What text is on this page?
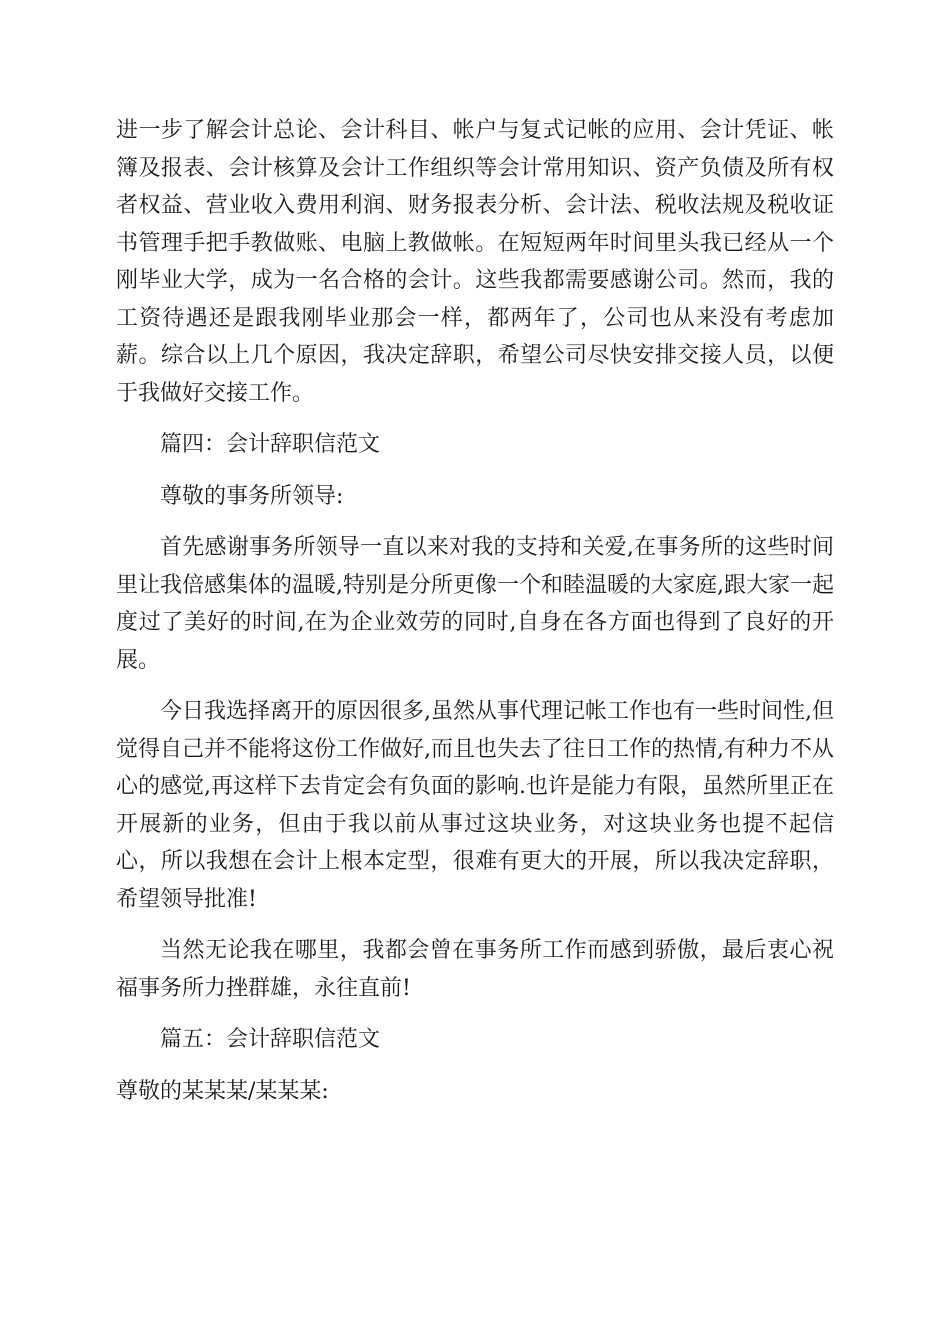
进一步了解会计总论、会计科目、帐户与复式记帐的应用、会计凭证、帐簿及报表、会计核算及会计工作组织等会计常用知识、资产负债及所有权者权益、营业收入费用利润、财务报表分析、会计法、税收法规及税收证书管理手把手教做账、电脑上教做帐。在短短两年时间里头我已经从一个刚毕业大学，成为一名合格的会计。这些我都需要感谢公司。然而，我的工资待遇还是跟我刚毕业那会一样，都两年了，公司也从来没有考虑加薪。综合以上几个原因，我决定辞职，希望公司尽快安排交接人员，以便于我做好交接工作。

篇四：会计辞职信范文

尊敬的事务所领导:

首先感谢事务所领导一直以来对我的支持和关爱,在事务所的这些时间里让我倍感集体的温暖,特别是分所更像一个和睦温暖的大家庭,跟大家一起度过了美好的时间,在为企业效劳的同时,自身在各方面也得到了良好的开展。

今日我选择离开的原因很多,虽然从事代理记帐工作也有一些时间性,但觉得自己并不能将这份工作做好,而且也失去了往日工作的热情,有种力不从心的感觉,再这样下去肯定会有负面的影响.也许是能力有限，虽然所里正在开展新的业务，但由于我以前从事过这块业务，对这块业务也提不起信心，所以我想在会计上根本定型，很难有更大的开展，所以我决定辞职，希望领导批准!

当然无论我在哪里，我都会曾在事务所工作而感到骄傲，最后衷心祝福事务所力挫群雄，永往直前!

篇五：会计辞职信范文

尊敬的某某某/某某某:
